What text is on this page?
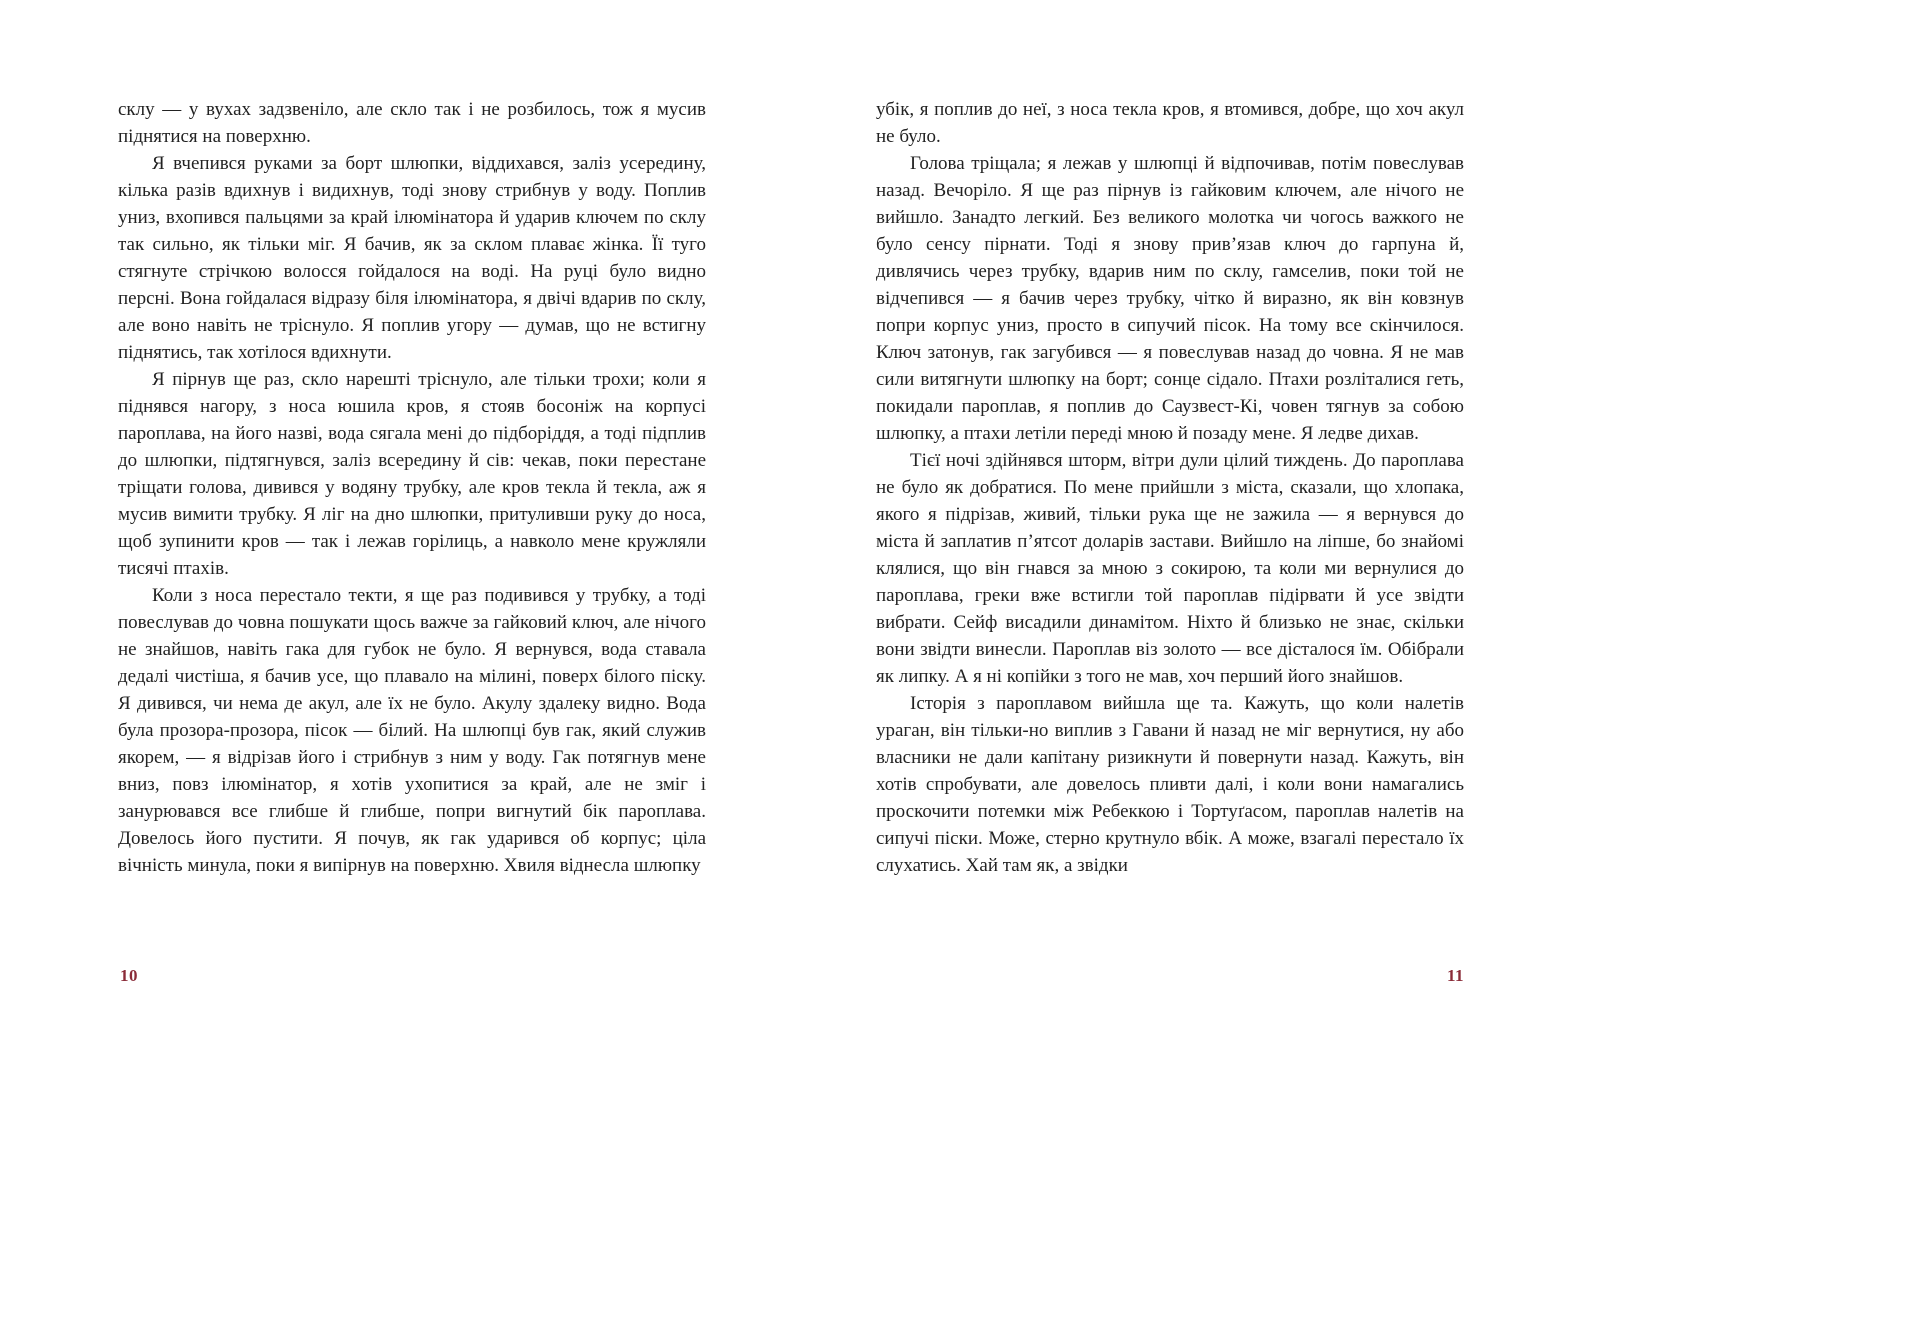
склу — у вухах задзвеніло, але скло так і не розбилось, тож я мусив піднятися на поверхню.

Я вчепився руками за борт шлюпки, віддихався, заліз усередину, кілька разів вдихнув і видихнув, тоді знову стрибнув у воду. Поплив униз, вхопився пальцями за край ілюмінатора й ударив ключем по склу так сильно, як тільки міг. Я бачив, як за склом плаває жінка. Її туго стягнуте стрічкою волосся гойдалося на воді. На руці було видно персні. Вона гойдалася відразу біля ілюмінатора, я двічі вдарив по склу, але воно навіть не тріснуло. Я поплив угору — думав, що не встигну піднятись, так хотілося вдихнути.

Я пірнув ще раз, скло нарешті тріснуло, але тільки трохи; коли я піднявся нагору, з носа юшила кров, я стояв босоніж на корпусі пароплава, на його назві, вода сягала мені до підборіддя, а тоді підплив до шлюпки, підтягнувся, заліз всередину й сів: чекав, поки перестане тріщати голова, дивився у водяну трубку, але кров текла й текла, аж я мусив вимити трубку. Я ліг на дно шлюпки, притуливши руку до носа, щоб зупинити кров — так і лежав горілиць, а навколо мене кружляли тисячі птахів.

Коли з носа перестало текти, я ще раз подивився у трубку, а тоді повеслував до човна пошукати щось важче за гайковий ключ, але нічого не знайшов, навіть гака для губок не було. Я вернувся, вода ставала дедалі чистіша, я бачив усе, що плавало на мілині, поверх білого піску. Я дивився, чи нема де акул, але їх не було. Акулу здалеку видно. Вода була прозора-прозора, пісок — білий. На шлюпці був гак, який служив якорем, — я відрізав його і стрибнув з ним у воду. Гак потягнув мене вниз, повз ілюмінатор, я хотів ухопитися за край, але не зміг і занурювався все глибше й глибше, попри вигнутий бік пароплава. Довелось його пустити. Я почув, як гак ударився об корпус; ціла вічність минула, поки я випірнув на поверхню. Хвиля віднесла шлюпку

убік, я поплив до неї, з носа текла кров, я втомився, добре, що хоч акул не було.

Голова тріщала; я лежав у шлюпці й відпочивав, потім повеслував назад. Вечоріло. Я ще раз пірнув із гайковим ключем, але нічого не вийшло. Занадто легкий. Без великого молотка чи чогось важкого не було сенсу пірнати. Тоді я знову прив’язав ключ до гарпуна й, дивлячись через трубку, вдарив ним по склу, гамселив, поки той не відчепився — я бачив через трубку, чітко й виразно, як він ковзнув попри корпус униз, просто в сипучий пісок. На тому все скінчилося. Ключ затонув, гак загубився — я повеслував назад до човна. Я не мав сили витягнути шлюпку на борт; сонце сідало. Птахи розліталися геть, покидали пароплав, я поплив до Саузвест-Кі, човен тягнув за собою шлюпку, а птахи летіли переді мною й позаду мене. Я ледве дихав.

Тієї ночі здійнявся шторм, вітри дули цілий тиждень. До пароплава не було як добратися. По мене прийшли з міста, сказали, що хлопака, якого я підрізав, живий, тільки рука ще не зажила — я вернувся до міста й заплатив п’ятсот доларів застави. Вийшло на ліпше, бо знайомі клялися, що він гнався за мною з сокирою, та коли ми вернулися до пароплава, греки вже встигли той пароплав підірвати й усе звідти вибрати. Сейф висадили динамітом. Ніхто й близько не знає, скільки вони звідти винесли. Пароплав віз золото — все дісталося їм. Обібрали як липку. А я ні копійки з того не мав, хоч перший його знайшов.

Історія з пароплавом вийшла ще та. Кажуть, що коли налетів ураган, він тільки-но виплив з Гавани й назад не міг вернутися, ну або власники не дали капітану ризикнути й повернути назад. Кажуть, він хотів спробувати, але довелось пливти далі, і коли вони намагались проскочити потемки між Ребеккою і Тортуґасом, пароплав налетів на сипучі піски. Може, стерно крутнуло вбік. А може, взагалі перестало їх слухатись. Хай там як, а звідки

10	11
